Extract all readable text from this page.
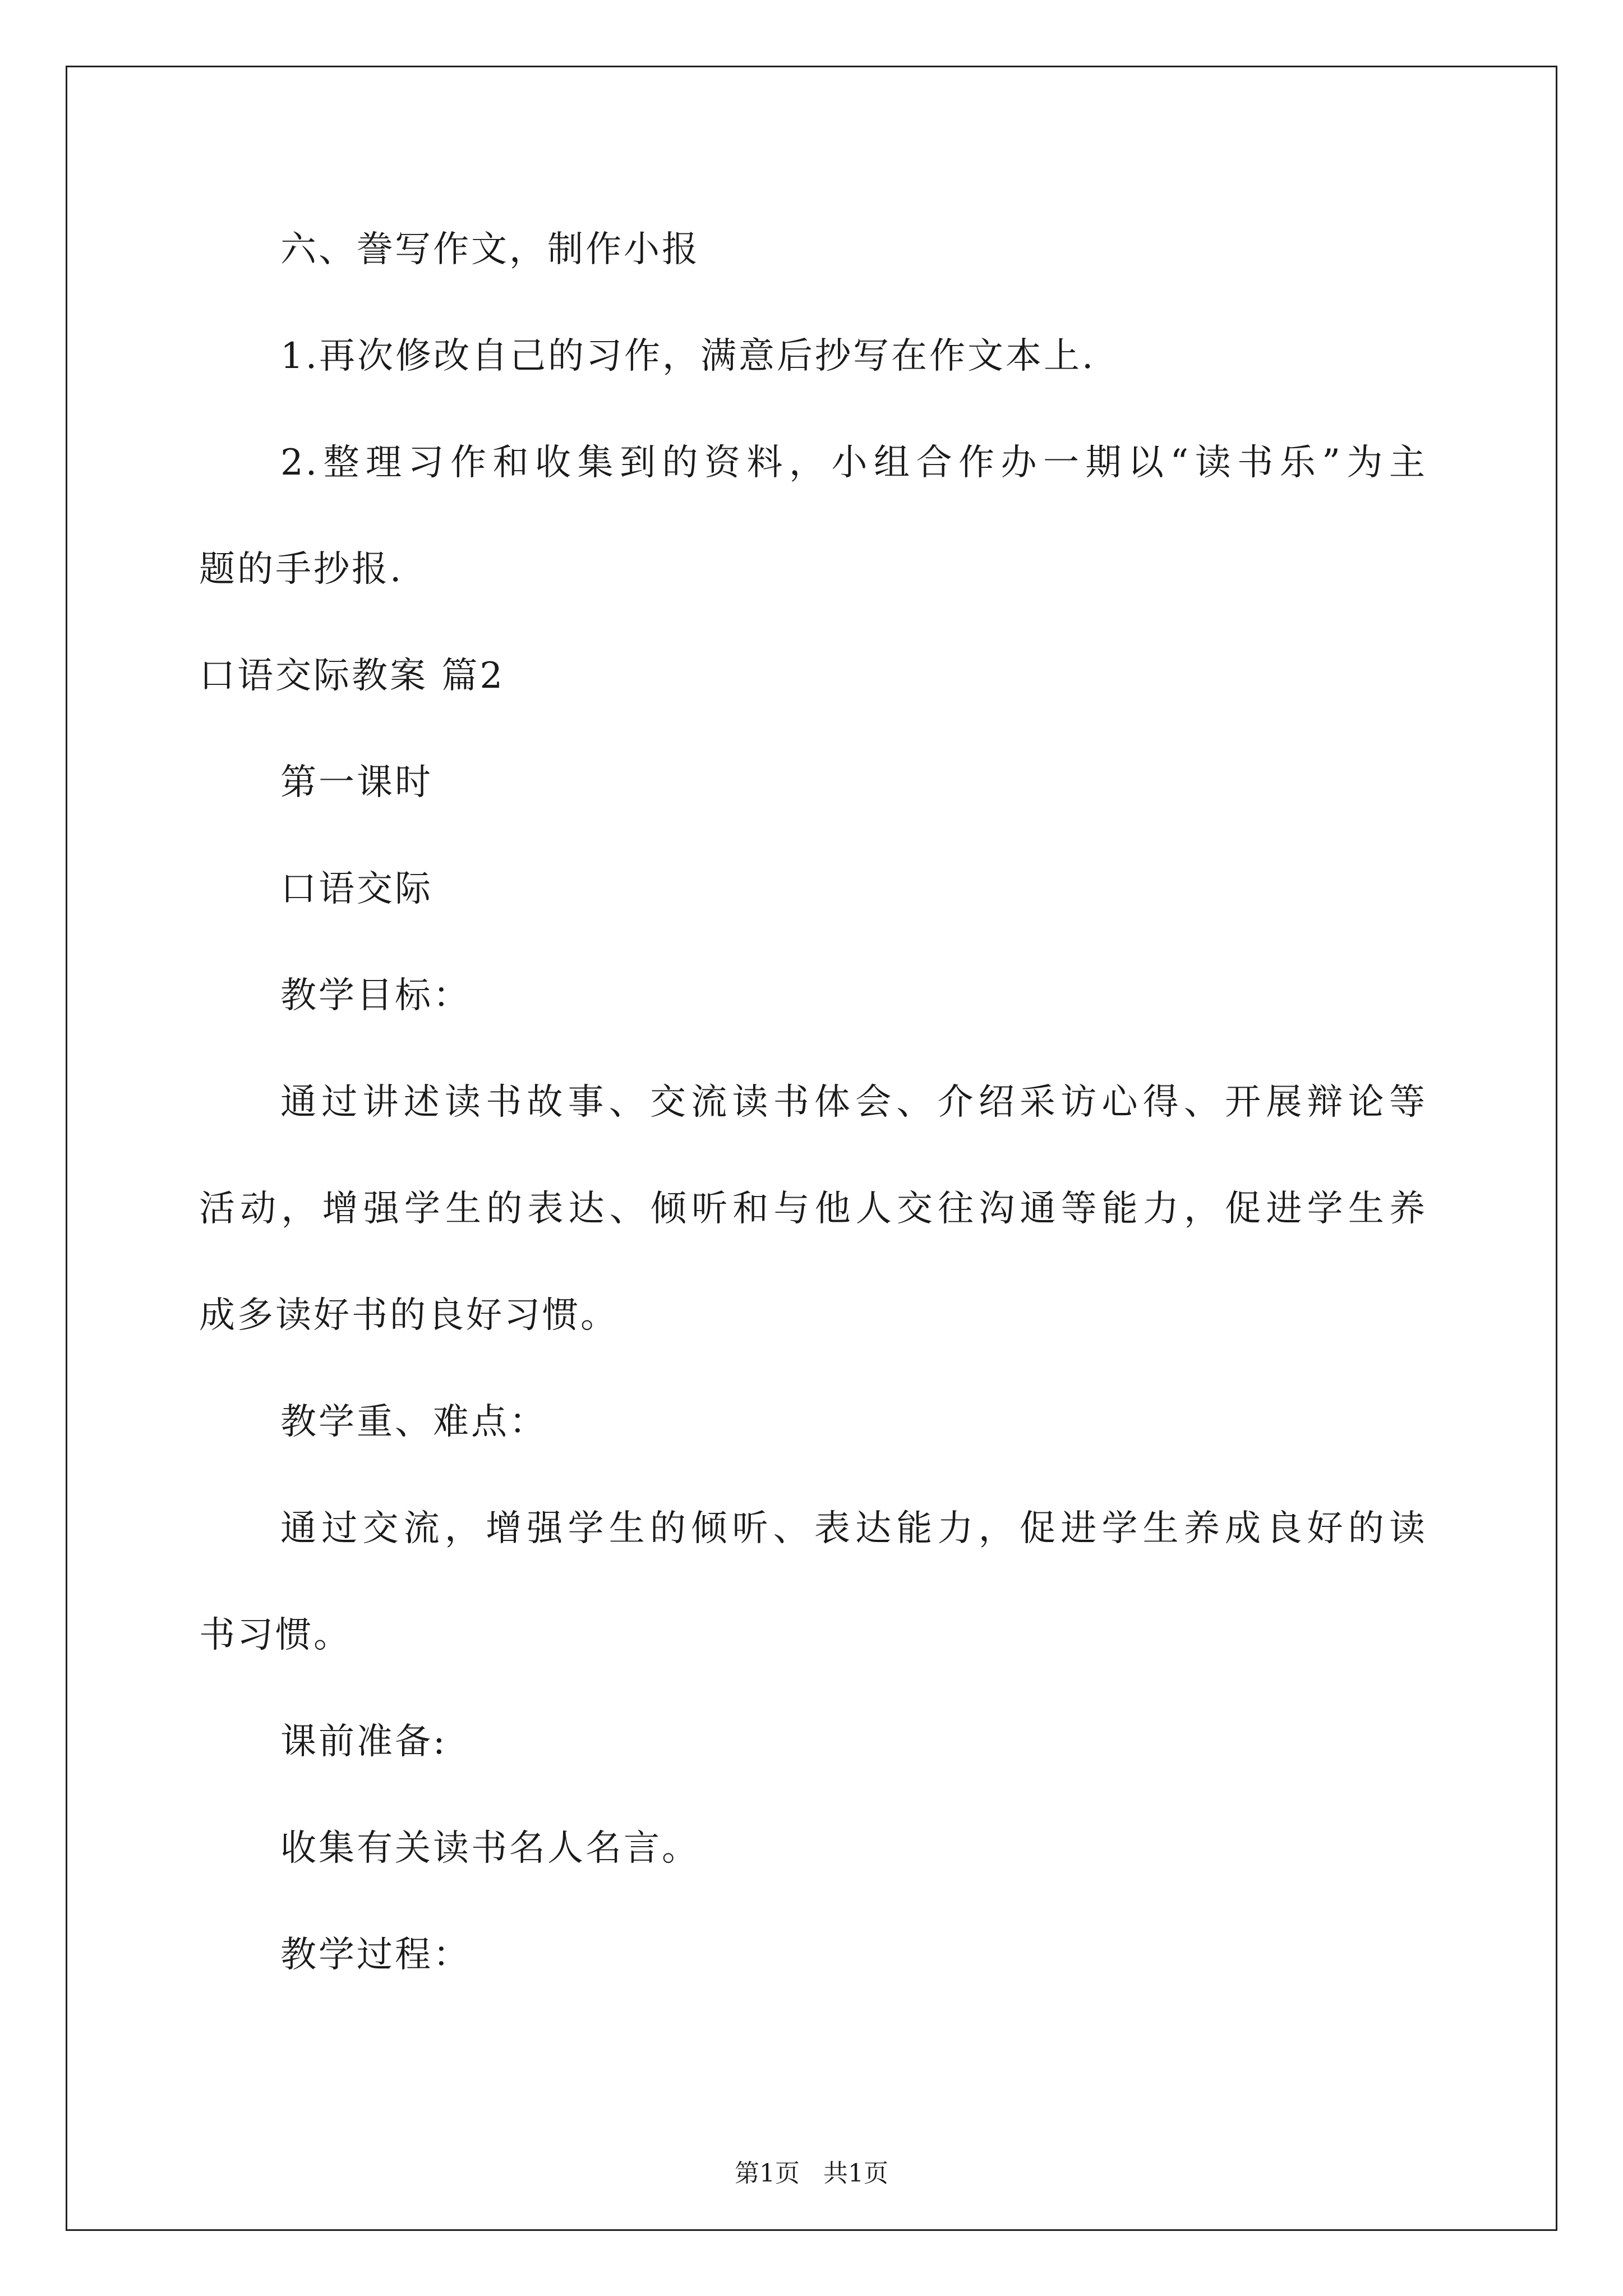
六、誊写作文，制作小报
1.再次修改自己的习作，满意后抄写在作文本上.
2.整理习作和收集到的资料，小组合作办一期以“读书乐”为主
题的手抄报.
口语交际教案 篇2
第一课时
口语交际
教学目标：
通过讲述读书故事、交流读书体会、介绍采访心得、开展辩论等
活动，增强学生的表达、倾听和与他人交往沟通等能力，促进学生养
成多读好书的良好习惯。
教学重、难点：
通过交流，增强学生的倾听、表达能力，促进学生养成良好的读
书习惯。
课前准备:
收集有关读书名人名言。
教学过程：
第1页   共1页
